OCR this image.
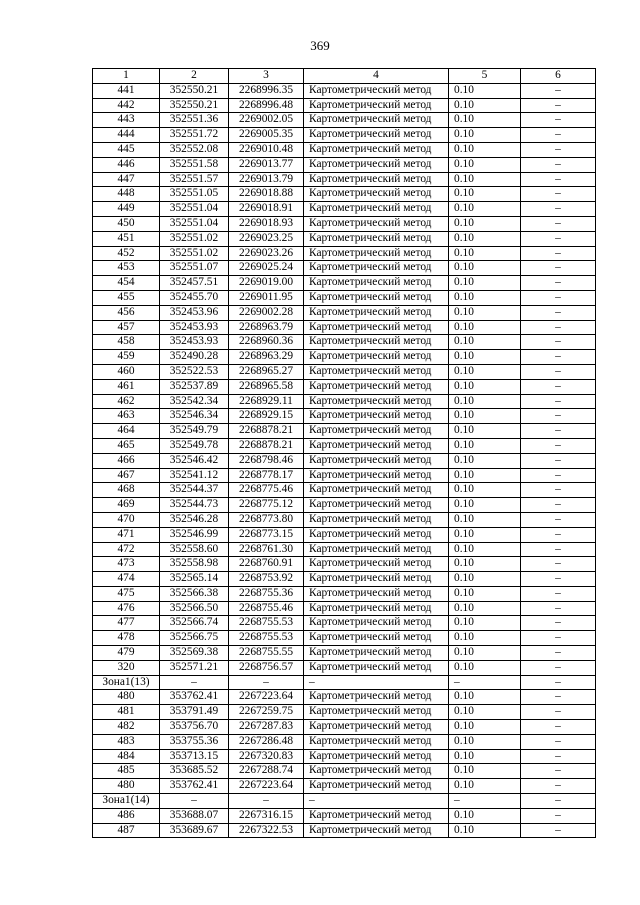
369
1	2	3	4	5	6
441	352550.21	2268996.35	Картометрический метод	0.10	–
442	352550.21	2268996.48	Картометрический метод	0.10	–
443	352551.36	2269002.05	Картометрический метод	0.10	–
444	352551.72	2269005.35	Картометрический метод	0.10	–
445	352552.08	2269010.48	Картометрический метод	0.10	–
446	352551.58	2269013.77	Картометрический метод	0.10	–
447	352551.57	2269013.79	Картометрический метод	0.10	–
448	352551.05	2269018.88	Картометрический метод	0.10	–
449	352551.04	2269018.91	Картометрический метод	0.10	–
450	352551.04	2269018.93	Картометрический метод	0.10	–
451	352551.02	2269023.25	Картометрический метод	0.10	–
452	352551.02	2269023.26	Картометрический метод	0.10	–
453	352551.07	2269025.24	Картометрический метод	0.10	–
454	352457.51	2269019.00	Картометрический метод	0.10	–
455	352455.70	2269011.95	Картометрический метод	0.10	–
456	352453.96	2269002.28	Картометрический метод	0.10	–
457	352453.93	2268963.79	Картометрический метод	0.10	–
458	352453.93	2268960.36	Картометрический метод	0.10	–
459	352490.28	2268963.29	Картометрический метод	0.10	–
460	352522.53	2268965.27	Картометрический метод	0.10	–
461	352537.89	2268965.58	Картометрический метод	0.10	–
462	352542.34	2268929.11	Картометрический метод	0.10	–
463	352546.34	2268929.15	Картометрический метод	0.10	–
464	352549.79	2268878.21	Картометрический метод	0.10	–
465	352549.78	2268878.21	Картометрический метод	0.10	–
466	352546.42	2268798.46	Картометрический метод	0.10	–
467	352541.12	2268778.17	Картометрический метод	0.10	–
468	352544.37	2268775.46	Картометрический метод	0.10	–
469	352544.73	2268775.12	Картометрический метод	0.10	–
470	352546.28	2268773.80	Картометрический метод	0.10	–
471	352546.99	2268773.15	Картометрический метод	0.10	–
472	352558.60	2268761.30	Картометрический метод	0.10	–
473	352558.98	2268760.91	Картометрический метод	0.10	–
474	352565.14	2268753.92	Картометрический метод	0.10	–
475	352566.38	2268755.36	Картометрический метод	0.10	–
476	352566.50	2268755.46	Картометрический метод	0.10	–
477	352566.74	2268755.53	Картометрический метод	0.10	–
478	352566.75	2268755.53	Картометрический метод	0.10	–
479	352569.38	2268755.55	Картометрический метод	0.10	–
320	352571.21	2268756.57	Картометрический метод	0.10	–
Зона1(13)	–	–	–	–	–
480	353762.41	2267223.64	Картометрический метод	0.10	–
481	353791.49	2267259.75	Картометрический метод	0.10	–
482	353756.70	2267287.83	Картометрический метод	0.10	–
483	353755.36	2267286.48	Картометрический метод	0.10	–
484	353713.15	2267320.83	Картометрический метод	0.10	–
485	353685.52	2267288.74	Картометрический метод	0.10	–
480	353762.41	2267223.64	Картометрический метод	0.10	–
Зона1(14)	–	–	–	–	–
486	353688.07	2267316.15	Картометрический метод	0.10	–
487	353689.67	2267322.53	Картометрический метод	0.10	–
